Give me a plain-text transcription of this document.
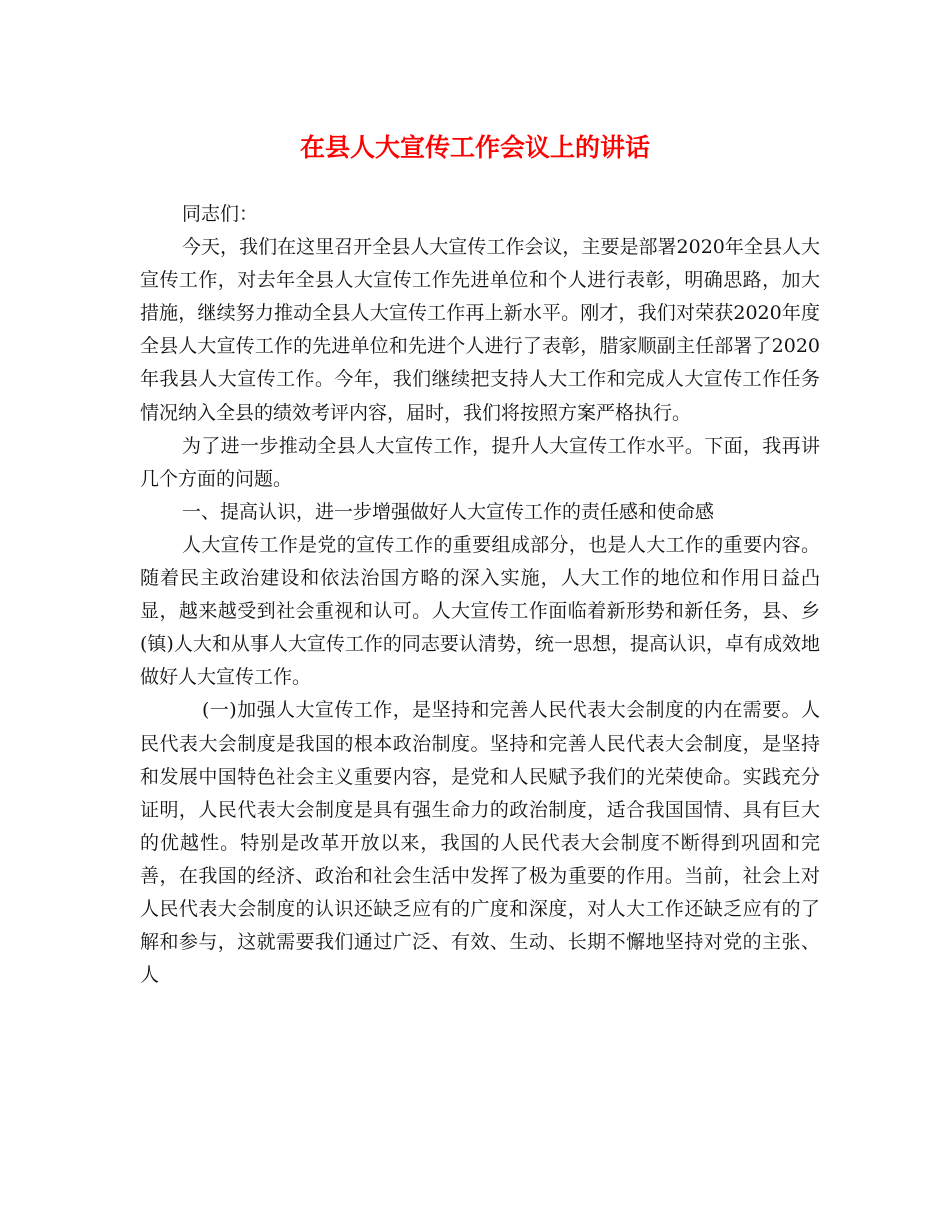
在县人大宣传工作会议上的讲话

同志们：

今天，我们在这里召开全县人大宣传工作会议，主要是部署2020年全县人大宣传工作，对去年全县人大宣传工作先进单位和个人进行表彰，明确思路，加大措施，继续努力推动全县人大宣传工作再上新水平。刚才，我们对荣获2020年度全县人大宣传工作的先进单位和先进个人进行了表彰，腊家顺副主任部署了2020年我县人大宣传工作。今年，我们继续把支持人大工作和完成人大宣传工作任务情况纳入全县的绩效考评内容，届时，我们将按照方案严格执行。

为了进一步推动全县人大宣传工作，提升人大宣传工作水平。下面，我再讲几个方面的问题。

一、提高认识，进一步增强做好人大宣传工作的责任感和使命感

人大宣传工作是党的宣传工作的重要组成部分，也是人大工作的重要内容。随着民主政治建设和依法治国方略的深入实施，人大工作的地位和作用日益凸显，越来越受到社会重视和认可。人大宣传工作面临着新形势和新任务，县、乡(镇)人大和从事人大宣传工作的同志要认清势，统一思想，提高认识，卓有成效地做好人大宣传工作。

(一)加强人大宣传工作，是坚持和完善人民代表大会制度的内在需要。人民代表大会制度是我国的根本政治制度。坚持和完善人民代表大会制度，是坚持和发展中国特色社会主义重要内容，是党和人民赋予我们的光荣使命。实践充分证明，人民代表大会制度是具有强生命力的政治制度，适合我国国情、具有巨大的优越性。特别是改革开放以来，我国的人民代表大会制度不断得到巩固和完善，在我国的经济、政治和社会生活中发挥了极为重要的作用。当前，社会上对人民代表大会制度的认识还缺乏应有的广度和深度，对人大工作还缺乏应有的了解和参与，这就需要我们通过广泛、有效、生动、长期不懈地坚持对党的主张、人
